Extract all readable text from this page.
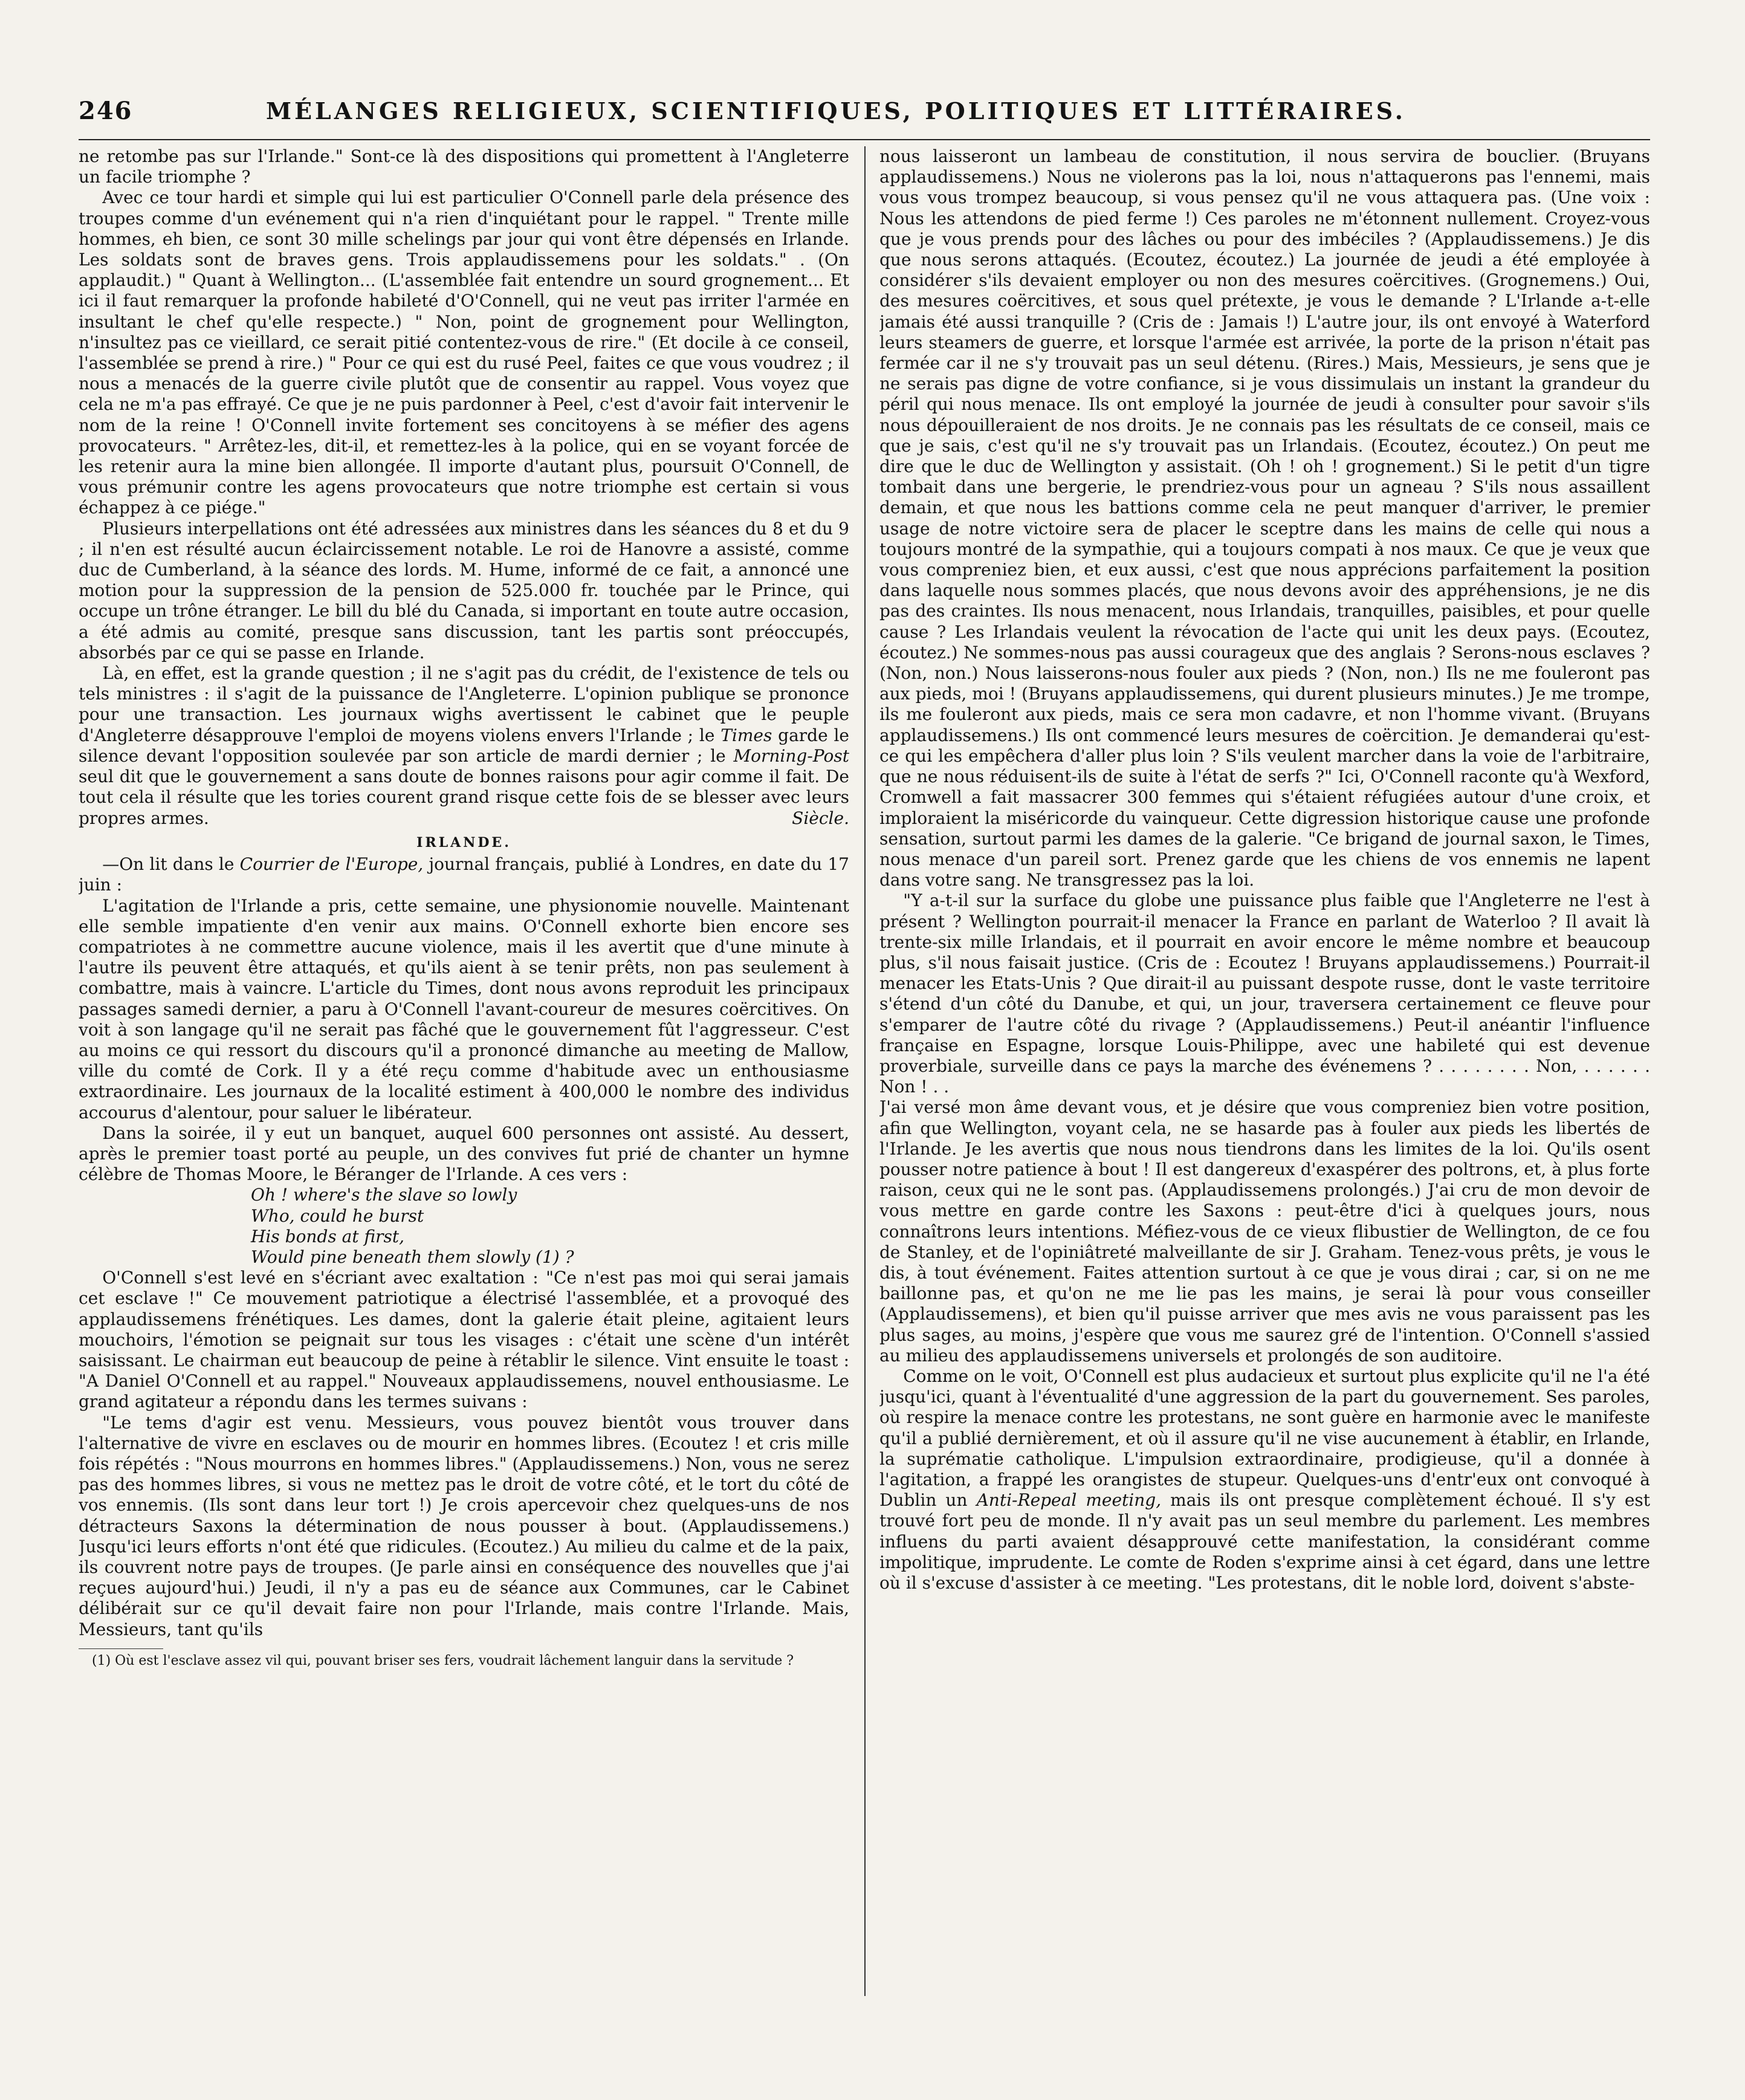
246	MÉLANGES RELIGIEUX, SCIENTIFIQUES, POLITIQUES ET LITTÉRAIRES.

ne retombe pas sur l'Irlande." Sont-ce là des dispositions qui promettent à l'Angleterre un facile triomphe ?

Avec ce tour hardi et simple qui lui est particulier O'Connell parle dela présence des troupes comme d'un evénement qui n'a rien d'inquiétant pour le rappel. " Trente mille hommes, eh bien, ce sont 30 mille schelings par jour qui vont être dépensés en Irlande. Les soldats sont de braves gens. Trois applaudissemens pour les soldats." . (On applaudit.) " Quant à Wellington... (L'assemblée fait entendre un sourd grognement... Et ici il faut remarquer la profonde habileté d'O'Connell, qui ne veut pas irriter l'armée en insultant le chef qu'elle respecte.) " Non, point de grognement pour Wellington, n'insultez pas ce vieillard, ce serait pitié contentez-vous de rire." (Et docile à ce conseil, l'assemblée se prend à rire.) " Pour ce qui est du rusé Peel, faites ce que vous voudrez ; il nous a menacés de la guerre civile plutôt que de consentir au rappel. Vous voyez que cela ne m'a pas effrayé. Ce que je ne puis pardonner à Peel, c'est d'avoir fait intervenir le nom de la reine ! O'Connell invite fortement ses concitoyens à se méfier des agens provocateurs. " Arrêtez-les, dit-il, et remettez-les à la police, qui en se voyant forcée de les retenir aura la mine bien allongée. Il importe d'autant plus, poursuit O'Connell, de vous prémunir contre les agens provocateurs que notre triomphe est certain si vous échappez à ce piége."

Plusieurs interpellations ont été adressées aux ministres dans les séances du 8 et du 9 ; il n'en est résulté aucun éclaircissement notable. Le roi de Hanovre a assisté, comme duc de Cumberland, à la séance des lords. M. Hume, informé de ce fait, a annoncé une motion pour la suppression de la pension de 525.000 fr. touchée par le Prince, qui occupe un trône étranger. Le bill du blé du Canada, si important en toute autre occasion, a été admis au comité, presque sans discussion, tant les partis sont préoccupés, absorbés par ce qui se passe en Irlande.

Là, en effet, est la grande question ; il ne s'agit pas du crédit, de l'existence de tels ou tels ministres : il s'agit de la puissance de l'Angleterre. L'opinion publique se prononce pour une transaction. Les journaux wighs avertissent le cabinet que le peuple d'Angleterre désapprouve l'emploi de moyens violens envers l'Irlande ; le Times garde le silence devant l'opposition soulevée par son article de mardi dernier ; le Morning-Post seul dit que le gouvernement a sans doute de bonnes raisons pour agir comme il fait. De tout cela il résulte que les tories courent grand risque cette fois de se blesser avec leurs propres armes.	Siècle.
IRLANDE.

—On lit dans le Courrier de l'Europe, journal français, publié à Londres, en date du 17 juin :

L'agitation de l'Irlande a pris, cette semaine, une physionomie nouvelle. Maintenant elle semble impatiente d'en venir aux mains. O'Connell exhorte bien encore ses compatriotes à ne commettre aucune violence, mais il les avertit que d'une minute à l'autre ils peuvent être attaqués, et qu'ils aient à se tenir prêts, non pas seulement à combattre, mais à vaincre. L'article du Times, dont nous avons reproduit les principaux passages samedi dernier, a paru à O'Connell l'avant-coureur de mesures coërcitives. On voit à son langage qu'il ne serait pas fâché que le gouvernement fût l'aggresseur. C'est au moins ce qui ressort du discours qu'il a prononcé dimanche au meeting de Mallow, ville du comté de Cork. Il y a été reçu comme d'habitude avec un enthousiasme extraordinaire. Les journaux de la localité estiment à 400,000 le nombre des individus accourus d'alentour, pour saluer le libérateur.

Dans la soirée, il y eut un banquet, auquel 600 personnes ont assisté. Au dessert, après le premier toast porté au peuple, un des convives fut prié de chanter un hymne célèbre de Thomas Moore, le Béranger de l'Irlande. A ces vers :

Oh ! where's the slave so lowly
Who, could he burst
His bonds at first,
Would pine beneath them slowly (1) ?

O'Connell s'est levé en s'écriant avec exaltation : "Ce n'est pas moi qui serai jamais cet esclave !" Ce mouvement patriotique a électrisé l'assemblée, et a provoqué des applaudissemens frénétiques. Les dames, dont la galerie était pleine, agitaient leurs mouchoirs, l'émotion se peignait sur tous les visages : c'était une scène d'un intérêt saisissant. Le chairman eut beaucoup de peine à rétablir le silence. Vint ensuite le toast : "A Daniel O'Connell et au rappel." Nouveaux applaudissemens, nouvel enthousiasme. Le grand agitateur a répondu dans les termes suivans :

"Le tems d'agir est venu. Messieurs, vous pouvez bientôt vous trouver dans l'alternative de vivre en esclaves ou de mourir en hommes libres. (Ecoutez ! et cris mille fois répétés : "Nous mourrons en hommes libres." (Applaudissemens.) Non, vous ne serez pas des hommes libres, si vous ne mettez pas le droit de votre côté, et le tort du côté de vos ennemis. (Ils sont dans leur tort !) Je crois apercevoir chez quelques-uns de nos détracteurs Saxons la détermination de nous pousser à bout. (Applaudissemens.) Jusqu'ici leurs efforts n'ont été que ridicules. (Ecoutez.) Au milieu du calme et de la paix, ils couvrent notre pays de troupes. (Je parle ainsi en conséquence des nouvelles que j'ai reçues aujourd'hui.) Jeudi, il n'y a pas eu de séance aux Communes, car le Cabinet délibérait sur ce qu'il devait faire non pour l'Irlande, mais contre l'Irlande. Mais, Messieurs, tant qu'ils

(1) Où est l'esclave assez vil qui, pouvant briser ses fers, voudrait lâchement languir dans la servitude ?

nous laisseront un lambeau de constitution, il nous servira de bouclier. (Bruyans applaudissemens.) Nous ne violerons pas la loi, nous n'attaquerons pas l'ennemi, mais vous vous trompez beaucoup, si vous pensez qu'il ne vous attaquera pas. (Une voix : Nous les attendons de pied ferme !) Ces paroles ne m'étonnent nullement. Croyez-vous que je vous prends pour des lâches ou pour des imbéciles ? (Applaudissemens.) Je dis que nous serons attaqués. (Ecoutez, écoutez.) La journée de jeudi a été employée à considérer s'ils devaient employer ou non des mesures coërcitives. (Grognemens.) Oui, des mesures coërcitives, et sous quel prétexte, je vous le demande ? L'Irlande a-t-elle jamais été aussi tranquille ? (Cris de : Jamais !) L'autre jour, ils ont envoyé à Waterford leurs steamers de guerre, et lorsque l'armée est arrivée, la porte de la prison n'était pas fermée car il ne s'y trouvait pas un seul détenu. (Rires.) Mais, Messieurs, je sens que je ne serais pas digne de votre confiance, si je vous dissimulais un instant la grandeur du péril qui nous menace. Ils ont employé la journée de jeudi à consulter pour savoir s'ils nous dépouilleraient de nos droits. Je ne connais pas les résultats de ce conseil, mais ce que je sais, c'est qu'il ne s'y trouvait pas un Irlandais. (Ecoutez, écoutez.) On peut me dire que le duc de Wellington y assistait. (Oh ! oh ! grognement.) Si le petit d'un tigre tombait dans une bergerie, le prendriez-vous pour un agneau ? S'ils nous assaillent demain, et que nous les battions comme cela ne peut manquer d'arriver, le premier usage de notre victoire sera de placer le sceptre dans les mains de celle qui nous a toujours montré de la sympathie, qui a toujours compati à nos maux. Ce que je veux que vous compreniez bien, et eux aussi, c'est que nous apprécions parfaitement la position dans laquelle nous sommes placés, que nous devons avoir des appréhensions, je ne dis pas des craintes. Ils nous menacent, nous Irlandais, tranquilles, paisibles, et pour quelle cause ? Les Irlandais veulent la révocation de l'acte qui unit les deux pays. (Ecoutez, écoutez.) Ne sommes-nous pas aussi courageux que des anglais ? Serons-nous esclaves ? (Non, non.) Nous laisserons-nous fouler aux pieds ? (Non, non.) Ils ne me fouleront pas aux pieds, moi ! (Bruyans applaudissemens, qui durent plusieurs minutes.) Je me trompe, ils me fouleront aux pieds, mais ce sera mon cadavre, et non l'homme vivant. (Bruyans applaudissemens.) Ils ont commencé leurs mesures de coërcition. Je demanderai qu'est-ce qui les empêchera d'aller plus loin ? S'ils veulent marcher dans la voie de l'arbitraire, que ne nous réduisent-ils de suite à l'état de serfs ?" Ici, O'Connell raconte qu'à Wexford, Cromwell a fait massacrer 300 femmes qui s'étaient réfugiées autour d'une croix, et imploraient la miséricorde du vainqueur. Cette digression historique cause une profonde sensation, surtout parmi les dames de la galerie. "Ce brigand de journal saxon, le Times, nous menace d'un pareil sort. Prenez garde que les chiens de vos ennemis ne lapent dans votre sang. Ne transgressez pas la loi.

"Y a-t-il sur la surface du globe une puissance plus faible que l'Angleterre ne l'est à présent ? Wellington pourrait-il menacer la France en parlant de Waterloo ? Il avait là trente-six mille Irlandais, et il pourrait en avoir encore le même nombre et beaucoup plus, s'il nous faisait justice. (Cris de : Ecoutez ! Bruyans applaudissemens.) Pourrait-il menacer les Etats-Unis ? Que dirait-il au puissant despote russe, dont le vaste territoire s'étend d'un côté du Danube, et qui, un jour, traversera certainement ce fleuve pour s'emparer de l'autre côté du rivage ? (Applaudissemens.) Peut-il anéantir l'influence française en Espagne, lorsque Louis-Philippe, avec une habileté qui est devenue proverbiale, surveille dans ce pays la marche des événemens ? . . . . . . . . Non, . . . . . . Non ! . .

J'ai versé mon âme devant vous, et je désire que vous compreniez bien votre position, afin que Wellington, voyant cela, ne se hasarde pas à fouler aux pieds les libertés de l'Irlande. Je les avertis que nous nous tiendrons dans les limites de la loi. Qu'ils osent pousser notre patience à bout ! Il est dangereux d'exaspérer des poltrons, et, à plus forte raison, ceux qui ne le sont pas. (Applaudissemens prolongés.) J'ai cru de mon devoir de vous mettre en garde contre les Saxons : peut-être d'ici à quelques jours, nous connaîtrons leurs intentions. Méfiez-vous de ce vieux flibustier de Wellington, de ce fou de Stanley, et de l'opiniâtreté malveillante de sir J. Graham. Tenez-vous prêts, je vous le dis, à tout événement. Faites attention surtout à ce que je vous dirai ; car, si on ne me baillonne pas, et qu'on ne me lie pas les mains, je serai là pour vous conseiller (Applaudissemens), et bien qu'il puisse arriver que mes avis ne vous paraissent pas les plus sages, au moins, j'espère que vous me saurez gré de l'intention. O'Connell s'assied au milieu des applaudissemens universels et prolongés de son auditoire.

Comme on le voit, O'Connell est plus audacieux et surtout plus explicite qu'il ne l'a été jusqu'ici, quant à l'éventualité d'une aggression de la part du gouvernement. Ses paroles, où respire la menace contre les protestans, ne sont guère en harmonie avec le manifeste qu'il a publié dernièrement, et où il assure qu'il ne vise aucunement à établir, en Irlande, la suprématie catholique. L'impulsion extraordinaire, prodigieuse, qu'il a donnée à l'agitation, a frappé les orangistes de stupeur. Quelques-uns d'entr'eux ont convoqué à Dublin un Anti-Repeal meeting, mais ils ont presque complètement échoué. Il s'y est trouvé fort peu de monde. Il n'y avait pas un seul membre du parlement. Les membres influens du parti avaient désapprouvé cette manifestation, la considérant comme impolitique, imprudente. Le comte de Roden s'exprime ainsi à cet égard, dans une lettre où il s'excuse d'assister à ce meeting. "Les protestans, dit le noble lord, doivent s'abste-
